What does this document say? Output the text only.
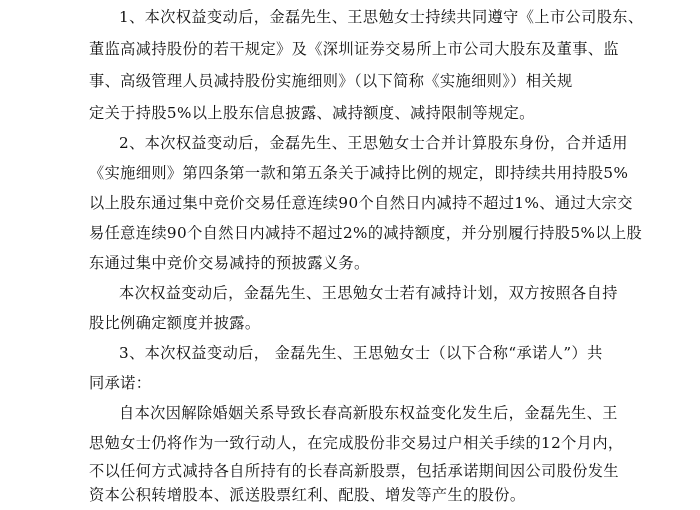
1、本次权益变动后，金磊先生、王思勉女士持续共同遵守《上市公司股东、
董监高减持股份的若干规定》及《深圳证券交易所上市公司大股东及董事、监
事、高级管理人员减持股份实施细则》（以下简称《实施细则》）相关规
定关于持股5%以上股东信息披露、减持额度、减持限制等规定。
2、本次权益变动后，金磊先生、王思勉女士合并计算股东身份，合并适用
《实施细则》第四条第一款和第五条关于减持比例的规定，即持续共用持股5%
以上股东通过集中竞价交易任意连续90个自然日内减持不超过1%、通过大宗交
易任意连续90个自然日内减持不超过2%的减持额度，并分别履行持股5%以上股
东通过集中竞价交易减持的预披露义务。
本次权益变动后，金磊先生、王思勉女士若有减持计划，双方按照各自持
股比例确定额度并披露。
3、本次权益变动后， 金磊先生、王思勉女士（以下合称“承诺人”）共
同承诺：
自本次因解除婚姻关系导致长春高新股东权益变化发生后，金磊先生、王
思勉女士仍将作为一致行动人，在完成股份非交易过户相关手续的12个月内，
不以任何方式减持各自所持有的长春高新股票，包括承诺期间因公司股份发生
资本公积转增股本、派送股票红利、配股、增发等产生的股份。
